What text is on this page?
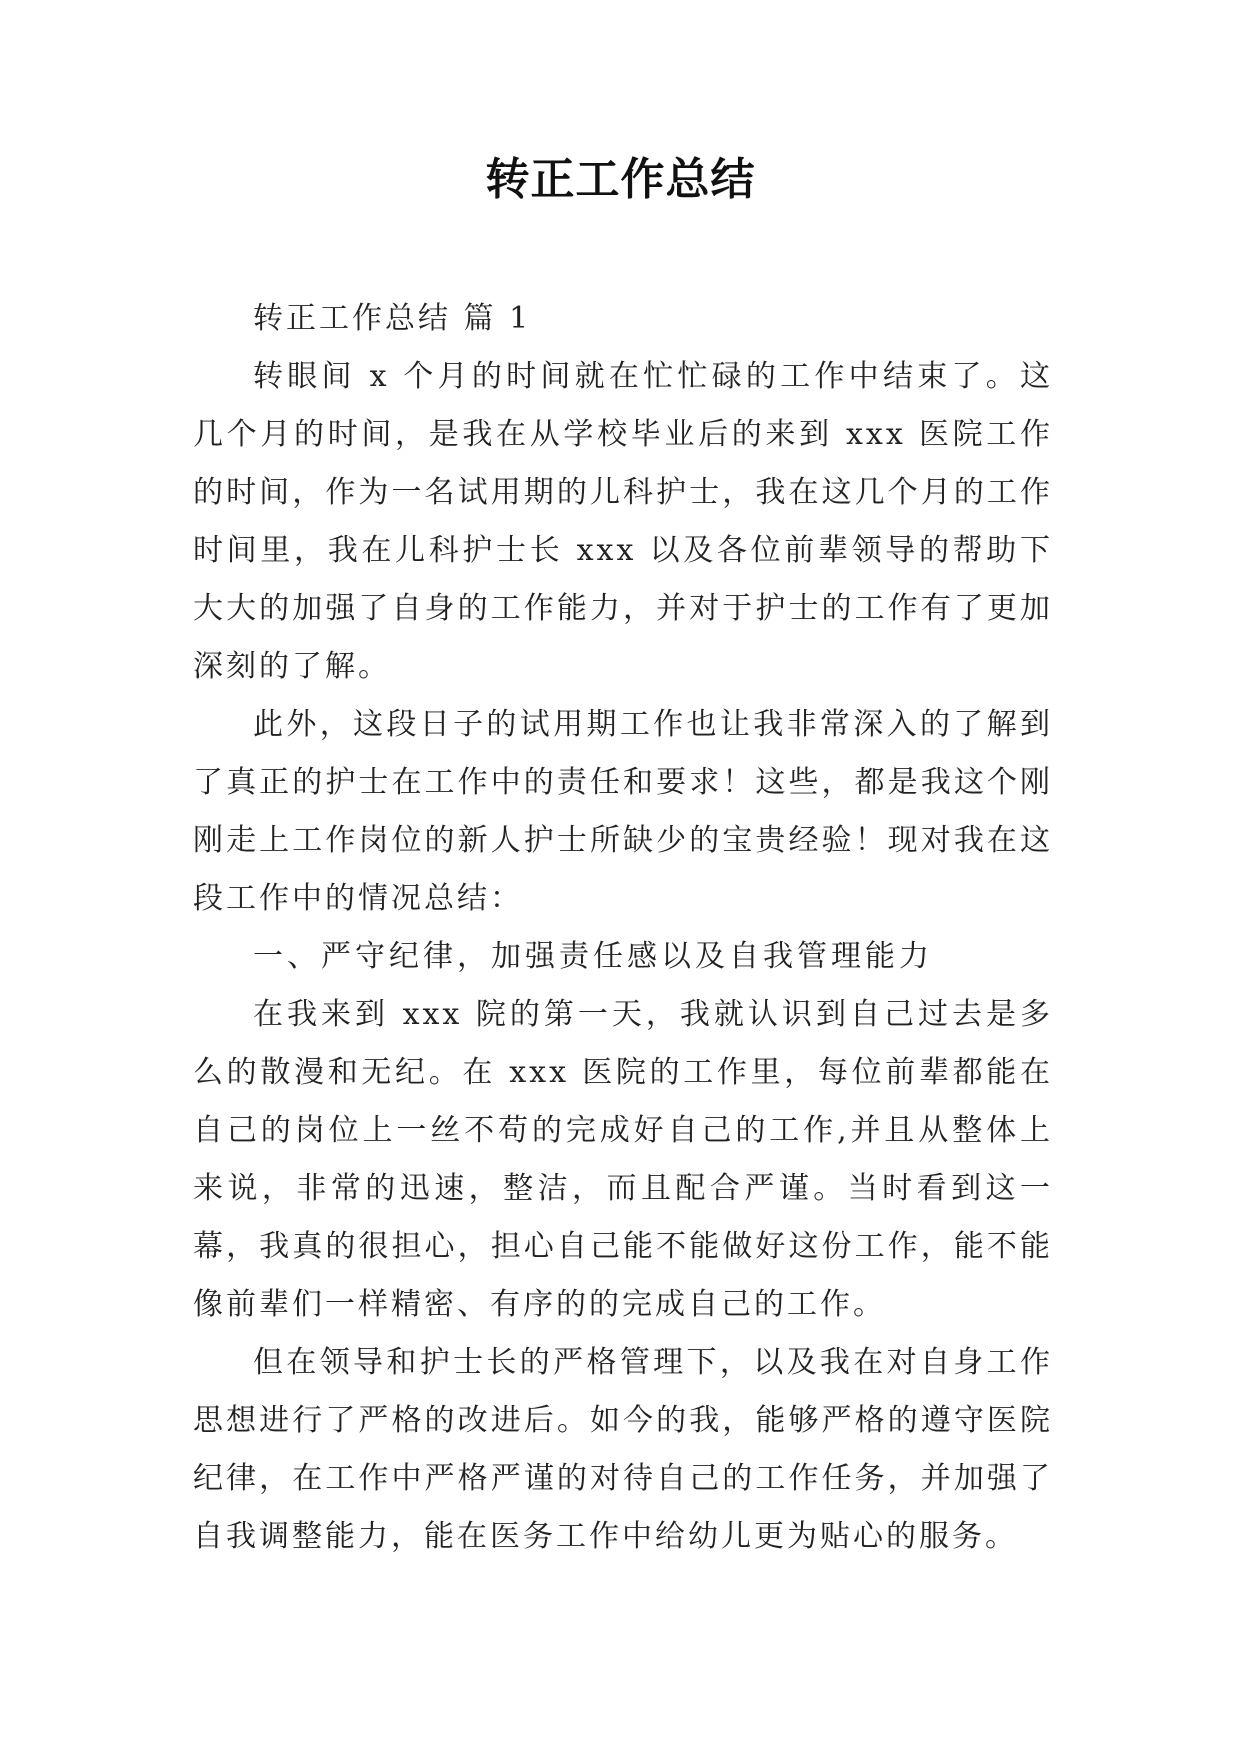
转正工作总结

转正工作总结 篇 1

转眼间 x 个月的时间就在忙忙碌的工作中结束了。这几个月的时间，是我在从学校毕业后的来到 xxx 医院工作的时间，作为一名试用期的儿科护士，我在这几个月的工作时间里，我在儿科护士长 xxx 以及各位前辈领导的帮助下大大的加强了自身的工作能力，并对于护士的工作有了更加深刻的了解。

此外，这段日子的试用期工作也让我非常深入的了解到了真正的护士在工作中的责任和要求！这些，都是我这个刚刚走上工作岗位的新人护士所缺少的宝贵经验！现对我在这段工作中的情况总结：

一、严守纪律，加强责任感以及自我管理能力

在我来到 xxx 院的第一天，我就认识到自己过去是多么的散漫和无纪。在 xxx 医院的工作里，每位前辈都能在自己的岗位上一丝不苟的完成好自己的工作,并且从整体上来说，非常的迅速，整洁，而且配合严谨。当时看到这一幕，我真的很担心，担心自己能不能做好这份工作，能不能像前辈们一样精密、有序的的完成自己的工作。

但在领导和护士长的严格管理下，以及我在对自身工作思想进行了严格的改进后。如今的我，能够严格的遵守医院纪律，在工作中严格严谨的对待自己的工作任务，并加强了自我调整能力，能在医务工作中给幼儿更为贴心的服务。
